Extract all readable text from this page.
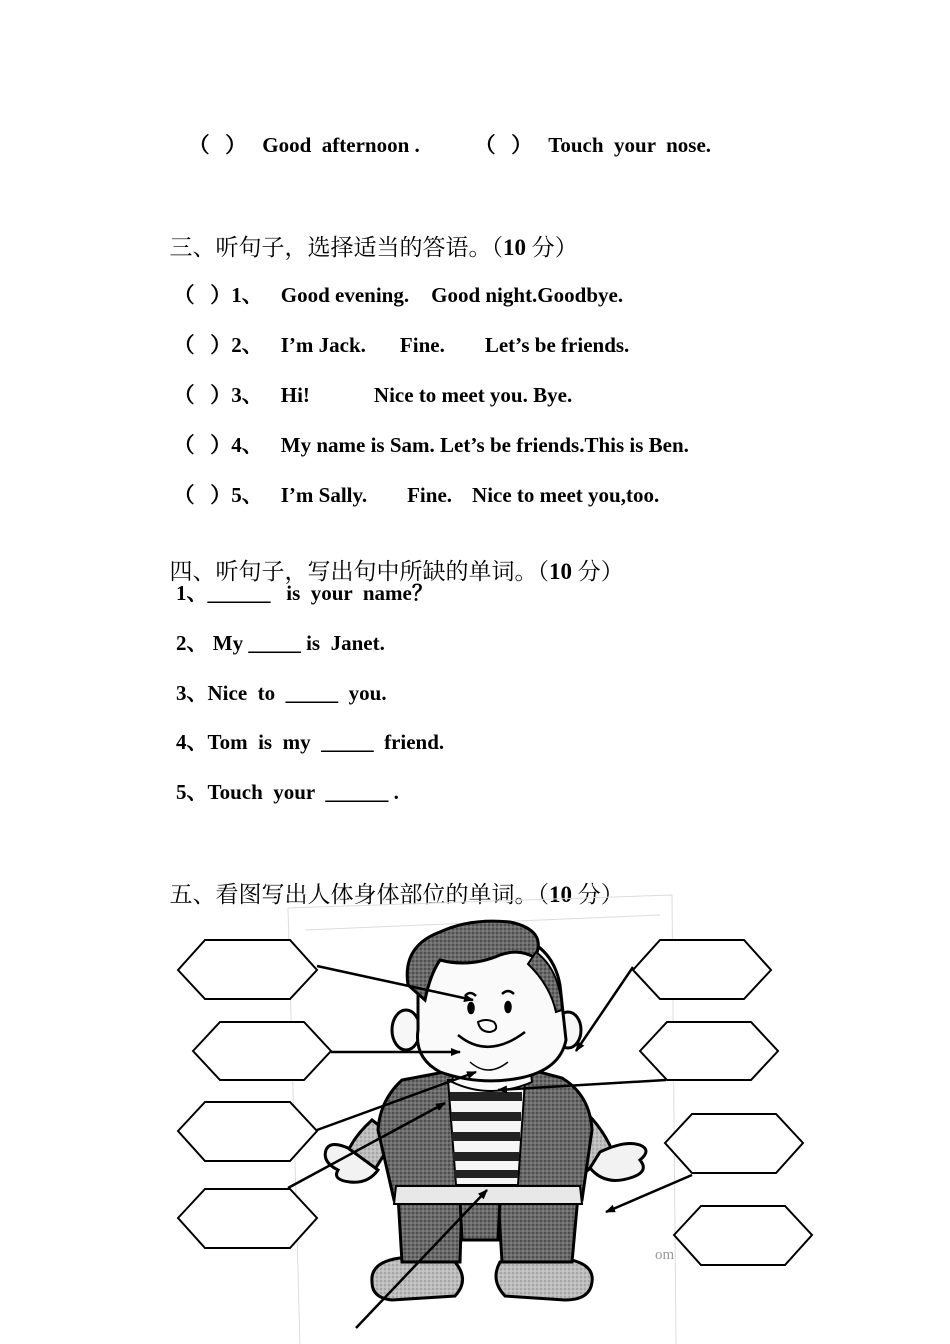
（   ） Good  afternoon .	（   ） Touch  your  nose.

三、听句子，选择适当的答语。（10 分）

（   ）1、 Good evening. Good night.Goodbye.

（   ）2、 I’m Jack. Fine. Let’s be friends.

（   ）3、 Hi!	Nice to meet you. Bye.

（   ）4、 My name is Sam. Let’s be friends.This is Ben.

（   ）5、 I’m Sally. Fine. Nice to meet you,too.

四、听句子，写出句中所缺的单词。（10 分）

1、______   is  your  name？
2、 My _____ is  Janet.
3、Nice  to  _____  you.
4、Tom  is  my  _____  friend.
5、Touch  your  ______ .

五、看图写出人体身体部位的单词。（10 分）

om
